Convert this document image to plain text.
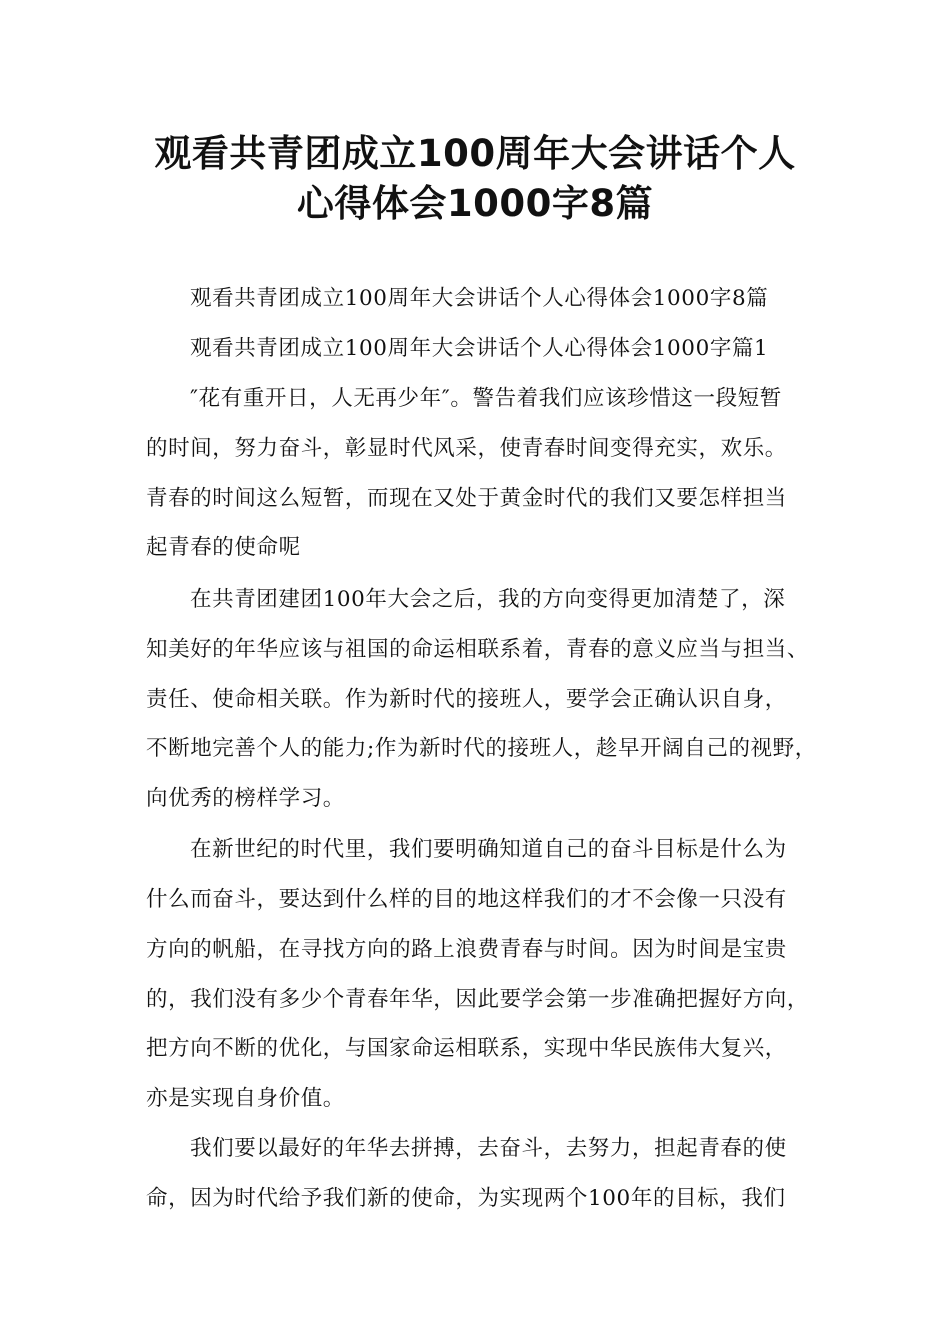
观看共青团成立100周年大会讲话个人
心得体会1000字8篇

观看共青团成立100周年大会讲话个人心得体会1000字8篇

观看共青团成立100周年大会讲话个人心得体会1000字篇1

″花有重开日，人无再少年″。警告着我们应该珍惜这一段短暂

的时间，努力奋斗，彰显时代风采，使青春时间变得充实，欢乐。

青春的时间这么短暂，而现在又处于黄金时代的我们又要怎样担当

起青春的使命呢

在共青团建团100年大会之后，我的方向变得更加清楚了，深

知美好的年华应该与祖国的命运相联系着，青春的意义应当与担当、

责任、使命相关联。作为新时代的接班人，要学会正确认识自身，

不断地完善个人的能力;作为新时代的接班人，趁早开阔自己的视野，

向优秀的榜样学习。

在新世纪的时代里，我们要明确知道自己的奋斗目标是什么为

什么而奋斗，要达到什么样的目的地这样我们的才不会像一只没有

方向的帆船，在寻找方向的路上浪费青春与时间。因为时间是宝贵

的，我们没有多少个青春年华，因此要学会第一步准确把握好方向，

把方向不断的优化，与国家命运相联系，实现中华民族伟大复兴，

亦是实现自身价值。

我们要以最好的年华去拼搏，去奋斗，去努力，担起青春的使

命，因为时代给予我们新的使命，为实现两个100年的目标，我们
